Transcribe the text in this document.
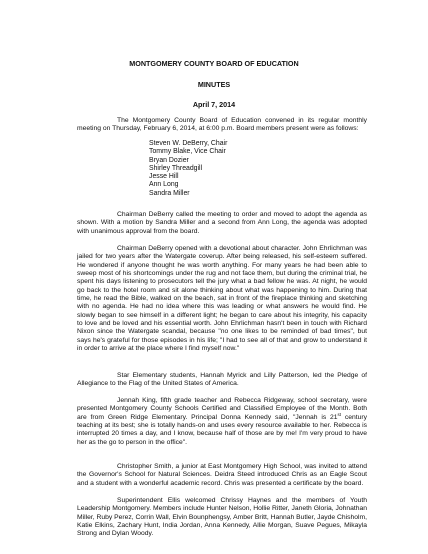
MONTGOMERY COUNTY BOARD OF EDUCATION
MINUTES
April 7, 2014

The Montgomery County Board of Education convened in its regular monthly meeting on Thursday, February 6, 2014, at 6:00 p.m. Board members present were as follows:

Steven W. DeBerry, Chair
Tommy Blake, Vice Chair
Bryan Dozier
Shirley Threadgill
Jesse Hill
Ann Long
Sandra Miller

Chairman DeBerry called the meeting to order and moved to adopt the agenda as shown. With a motion by Sandra Miller and a second from Ann Long, the agenda was adopted with unanimous approval from the board.

Chairman DeBerry opened with a devotional about character. John Ehrlichman was jailed for two years after the Watergate coverup. After being released, his self-esteem suffered. He wondered if anyone thought he was worth anything. For many years he had been able to sweep most of his shortcomings under the rug and not face them, but during the criminal trial, he spent his days listening to prosecutors tell the jury what a bad fellow he was. At night, he would go back to the hotel room and sit alone thinking about what was happening to him. During that time, he read the Bible, walked on the beach, sat in front of the fireplace thinking and sketching with no agenda. He had no idea where this was leading or what answers he would find. He slowly began to see himself in a different light; he began to care about his integrity, his capacity to love and be loved and his essential worth. John Ehrlichman hasn't been in touch with Richard Nixon since the Watergate scandal, because "no one likes to be reminded of bad times", but says he's grateful for those episodes in his life; "I had to see all of that and grow to understand it in order to arrive at the place where I find myself now."

Star Elementary students, Hannah Myrick and Lilly Patterson, led the Pledge of Allegiance to the Flag of the United States of America.

Jennah King, fifth grade teacher and Rebecca Ridgeway, school secretary, were presented Montgomery County Schools Certified and Classified Employee of the Month. Both are from Green Ridge Elementary. Principal Donna Kennedy said, "Jennah is 21st century teaching at its best; she is totally hands-on and uses every resource available to her. Rebecca is interrupted 20 times a day, and I know, because half of those are by me! I'm very proud to have her as the go to person in the office".

Christopher Smith, a junior at East Montgomery High School, was invited to attend the Governor's School for Natural Sciences. Deidra Steed introduced Chris as an Eagle Scout and a student with a wonderful academic record. Chris was presented a certificate by the board.

Superintendent Ellis welcomed Chrissy Haynes and the members of Youth Leadership Montgomery. Members include Hunter Nelson, Hollie Ritter, Janeth Gloria, Johnathan Miller, Ruby Perez, Corrin Wall, Elvin Bounphengsy, Amber Britt, Hannah Butler, Jayde Chisholm, Katie Elkins, Zachary Hunt, India Jordan, Anna Kennedy, Allie Morgan, Suave Pegues, Mikayla Strong and Dylan Woody.
